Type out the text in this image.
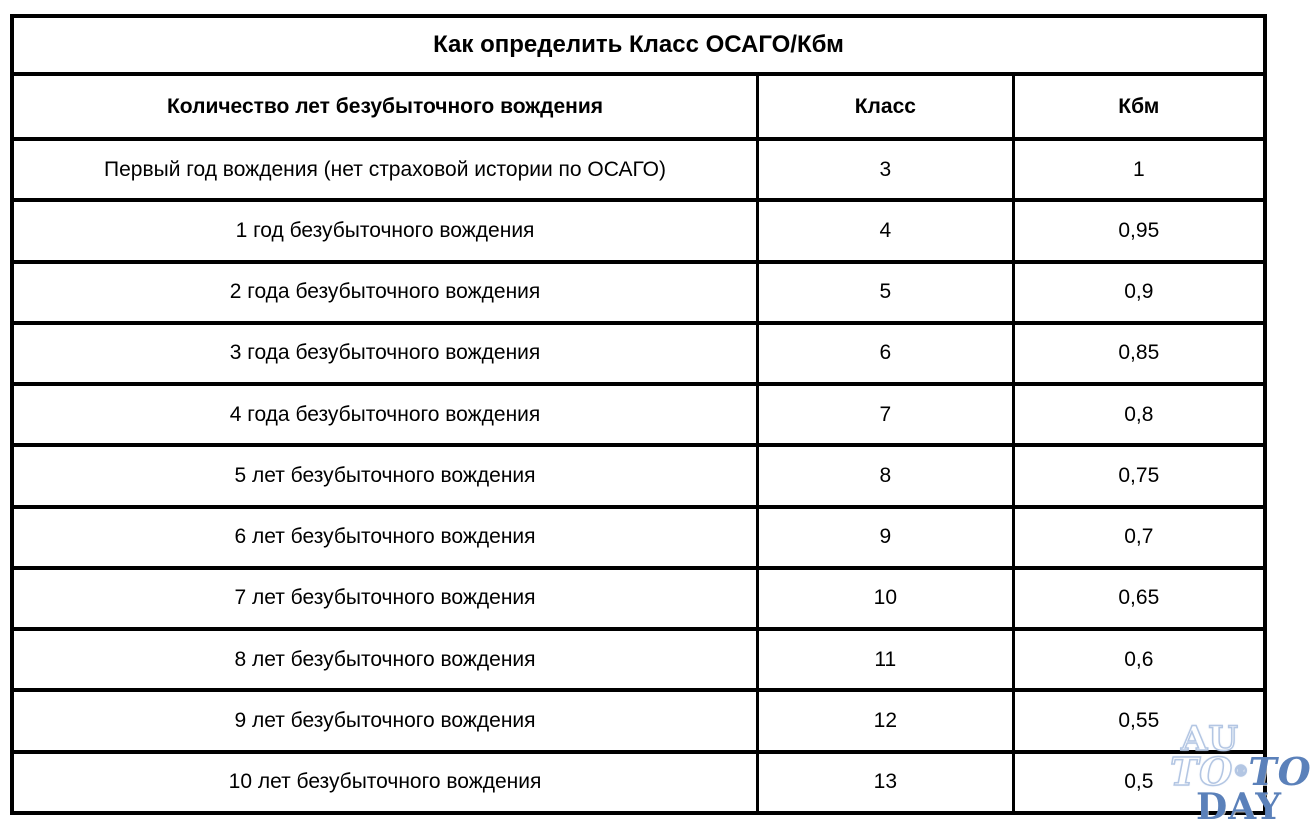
Как определить Класс ОСАГО/Кбм		
Количество лет безубыточного вождения	Класс	Кбм
Первый год вождения (нет страховой истории по ОСАГО)	3	1
1 год безубыточного вождения	4	0,95
2 года безубыточного вождения	5	0,9
3 года безубыточного вождения	6	0,85
4 года безубыточного вождения	7	0,8
5 лет безубыточного вождения	8	0,75
6 лет безубыточного вождения	9	0,7
7 лет безубыточного вождения	10	0,65
8 лет безубыточного вождения	11	0,6
9 лет безубыточного вождения	12	0,55
10 лет безубыточного вождения	13	0,5
AU
TO®TO
DAY
